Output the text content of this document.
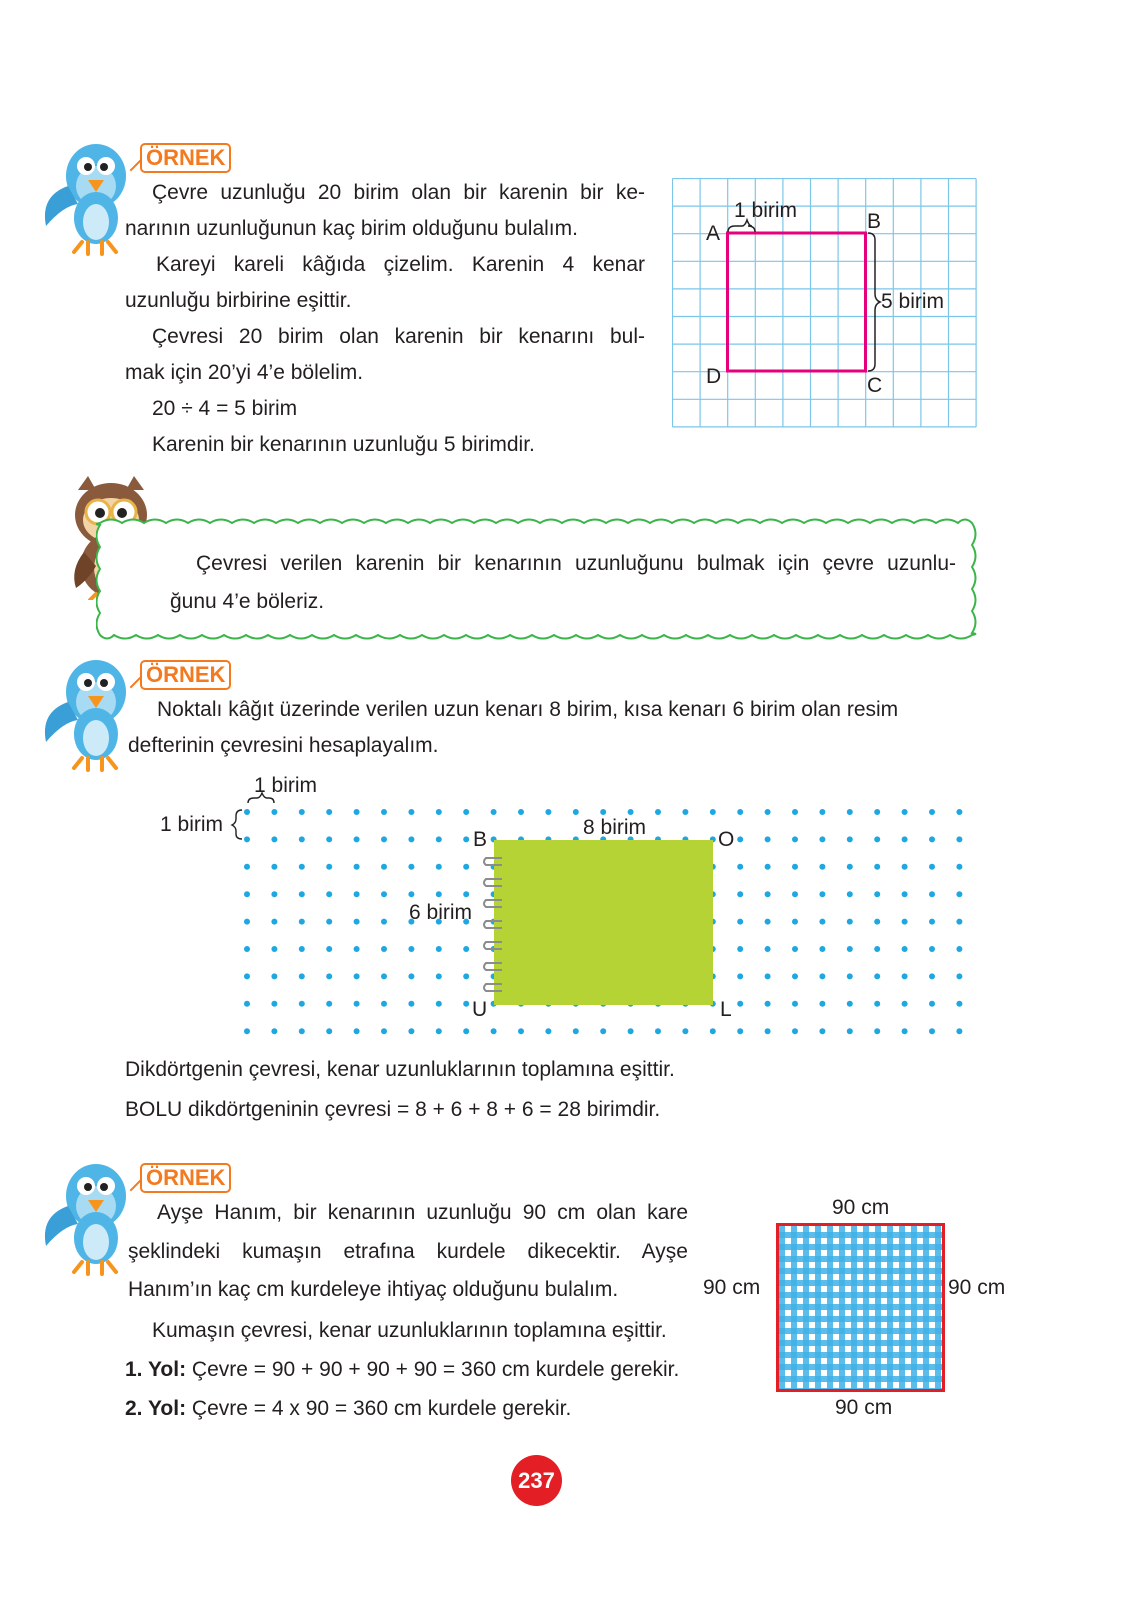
ÖRNEK
Çevre uzunluğu 20 birim olan bir karenin bir ke-
narının uzunluğunun kaç birim olduğunu bulalım.
Kareyi kareli kâğıda çizelim. Karenin 4 kenar
uzunluğu birbirine eşittir.
Çevresi 20 birim olan karenin bir kenarını bul-
mak için 20’yi 4’e bölelim.
20 ÷ 4 = 5 birim
Karenin bir kenarının uzunluğu 5 birimdir.
1 birim
5 birim
A
B
C
D
Çevresi verilen karenin bir kenarının uzunluğunu bulmak için çevre uzunlu-
ğunu 4’e böleriz.
ÖRNEK
Noktalı kâğıt üzerinde verilen uzun kenarı 8 birim, kısa kenarı 6 birim olan resim
defterinin çevresini hesaplayalım.
1 birim
1 birim	8 birim
6 birim
B	O
U	L
Dikdörtgenin çevresi, kenar uzunluklarının toplamına eşittir.
BOLU dikdörtgeninin çevresi = 8 + 6 + 8 + 6 = 28 birimdir.
ÖRNEK
Ayşe Hanım, bir kenarının uzunluğu 90 cm olan kare
şeklindeki kumaşın etrafına kurdele dikecektir. Ayşe
Hanım’ın kaç cm kurdeleye ihtiyaç olduğunu bulalım.
Kumaşın çevresi, kenar uzunluklarının toplamına eşittir.
1. Yol: Çevre = 90 + 90 + 90 + 90 = 360 cm kurdele gerekir.
2. Yol: Çevre = 4 x 90 = 360 cm kurdele gerekir.
90 cm
90 cm	90 cm
90 cm
237
